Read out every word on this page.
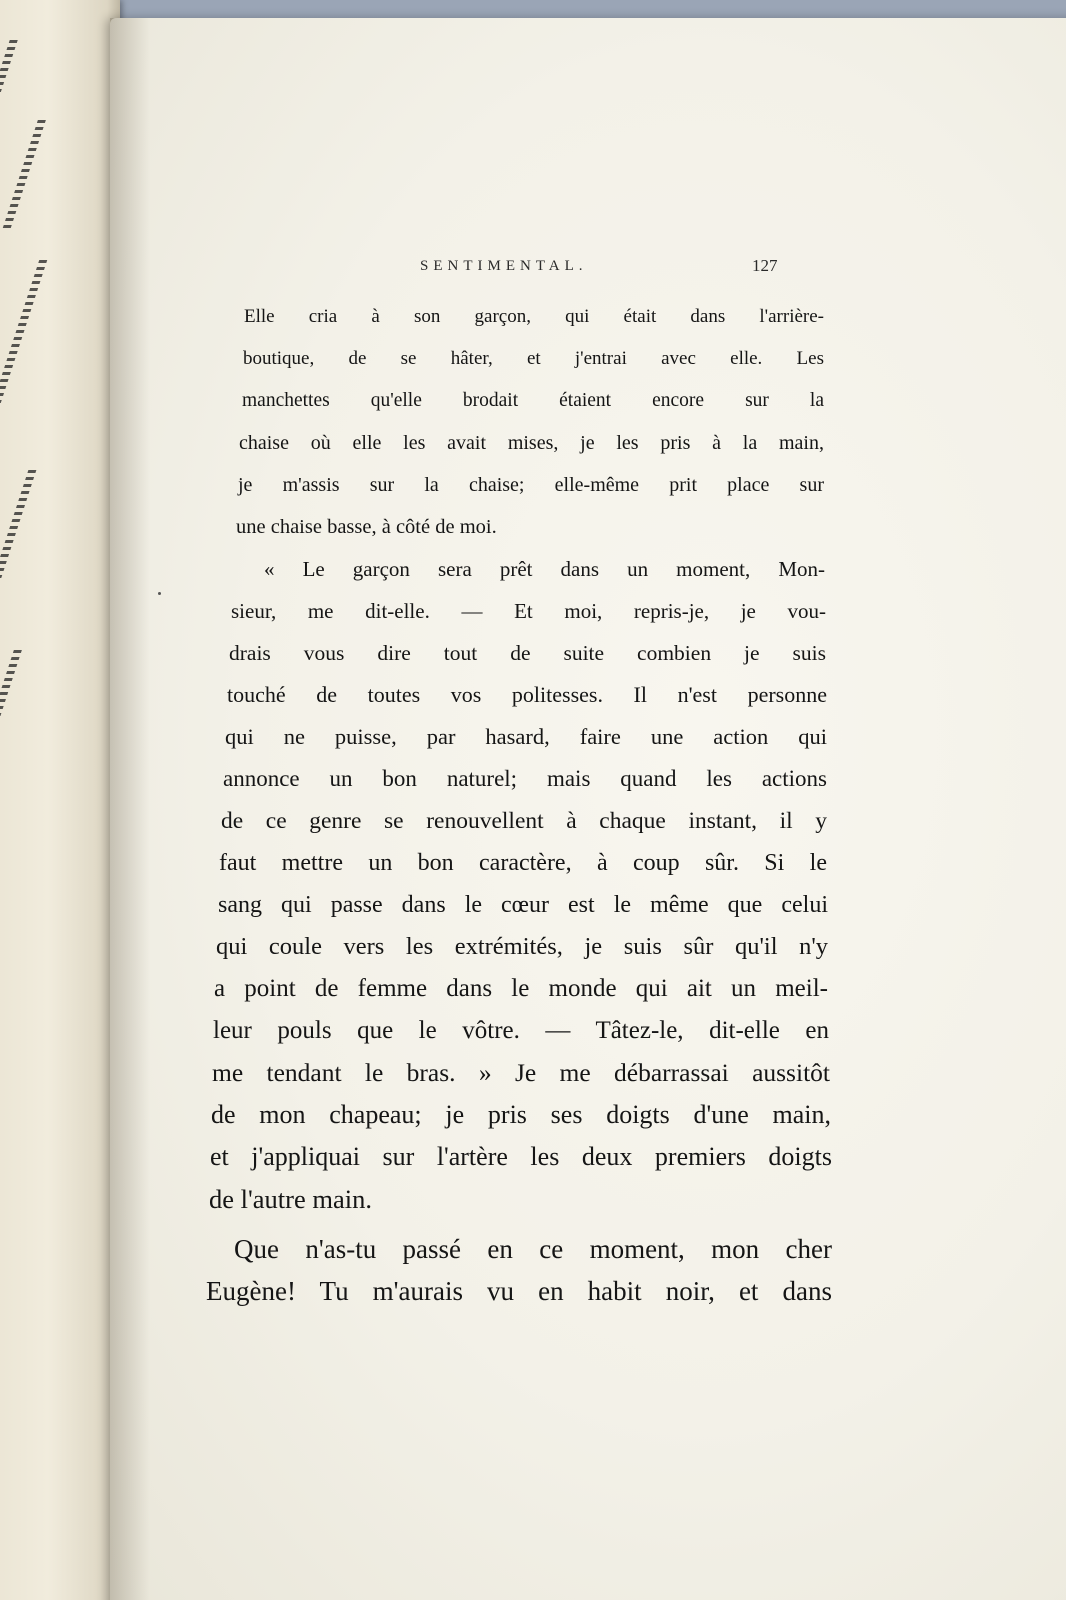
SENTIMENTAL.	127
Elle cria à son garçon, qui était dans l'arrière-
boutique, de se hâter, et j'entrai avec elle. Les
manchettes qu'elle brodait étaient encore sur la
chaise où elle les avait mises, je les pris à la main,
je m'assis sur la chaise; elle-même prit place sur
une chaise basse, à côté de moi.
« Le garçon sera prêt dans un moment, Mon-
sieur, me dit-elle. — Et moi, repris-je, je vou-
drais vous dire tout de suite combien je suis
touché de toutes vos politesses. Il n'est personne
qui ne puisse, par hasard, faire une action qui
annonce un bon naturel; mais quand les actions
de ce genre se renouvellent à chaque instant, il y
faut mettre un bon caractère, à coup sûr. Si le
sang qui passe dans le cœur est le même que celui
qui coule vers les extrémités, je suis sûr qu'il n'y
a point de femme dans le monde qui ait un meil-
leur pouls que le vôtre. — Tâtez-le, dit-elle en
me tendant le bras. » Je me débarrassai aussitôt
de mon chapeau; je pris ses doigts d'une main,
et j'appliquai sur l'artère les deux premiers doigts
de l'autre main.
Que n'as-tu passé en ce moment, mon cher
Eugène! Tu m'aurais vu en habit noir, et dans
